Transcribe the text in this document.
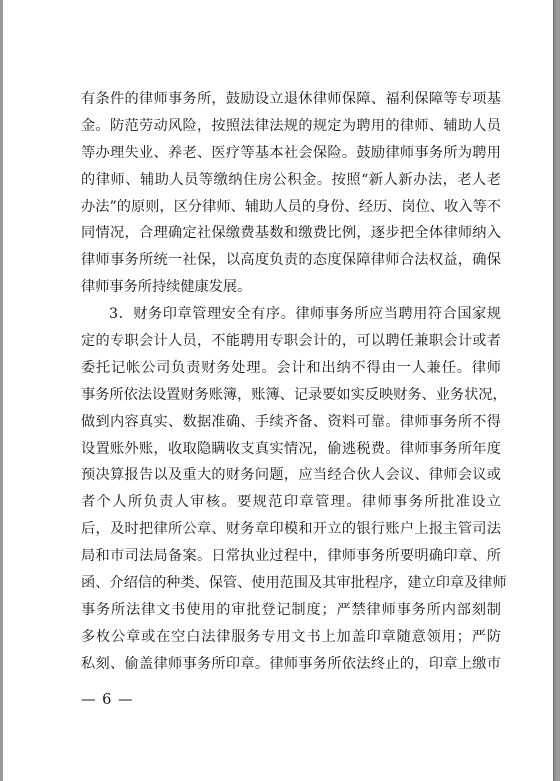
有条件的律师事务所，鼓励设立退休律师保障、福利保障等专项基
金。防范劳动风险，按照法律法规的规定为聘用的律师、辅助人员
等办理失业、养老、医疗等基本社会保险。鼓励律师事务所为聘用
的律师、辅助人员等缴纳住房公积金。按照“新人新办法，老人老
办法”的原则，区分律师、辅助人员的身份、经历、岗位、收入等不
同情况，合理确定社保缴费基数和缴费比例，逐步把全体律师纳入
律师事务所统一社保，以高度负责的态度保障律师合法权益，确保
律师事务所持续健康发展。
3．财务印章管理安全有序。律师事务所应当聘用符合国家规
定的专职会计人员，不能聘用专职会计的，可以聘任兼职会计或者
委托记帐公司负责财务处理。会计和出纳不得由一人兼任。律师
事务所依法设置财务账簿，账簿、记录要如实反映财务、业务状况，
做到内容真实、数据准确、手续齐备、资料可靠。律师事务所不得
设置账外账，收取隐瞒收支真实情况，偷逃税费。律师事务所年度
预决算报告以及重大的财务问题，应当经合伙人会议、律师会议或
者个人所负责人审核。要规范印章管理。律师事务所批准设立
后，及时把律所公章、财务章印模和开立的银行账户上报主管司法
局和市司法局备案。日常执业过程中，律师事务所要明确印章、所
函、介绍信的种类、保管、使用范围及其审批程序，建立印章及律师
事务所法律文书使用的审批登记制度；严禁律师事务所内部刻制
多枚公章或在空白法律服务专用文书上加盖印章随意领用；严防
私刻、偷盖律师事务所印章。律师事务所依法终止的，印章上缴市
— 6 —
